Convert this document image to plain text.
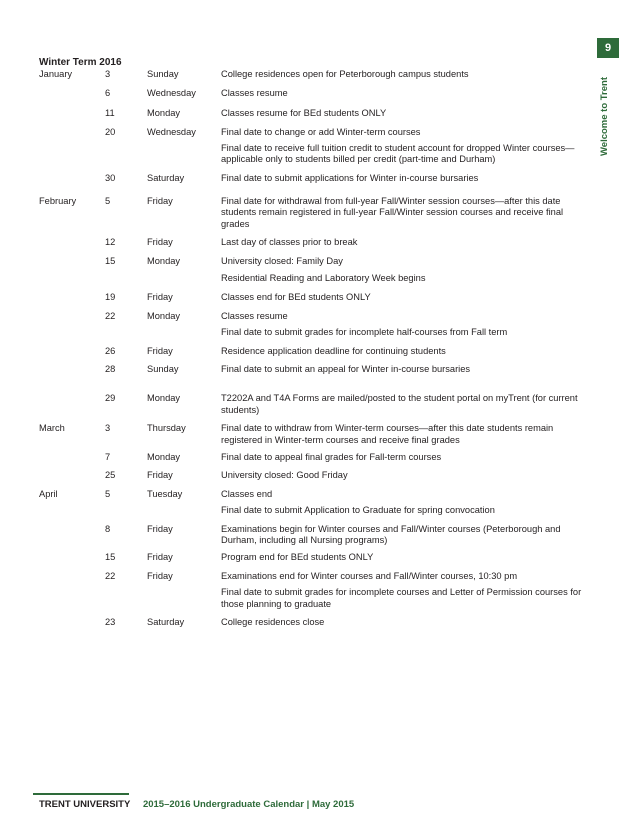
9
Welcome to Trent
Winter Term 2016
January	3	Sunday	College residences open for Peterborough campus students
	6	Wednesday	Classes resume
	11	Monday	Classes resume for BEd students ONLY
	20	Wednesday	Final date to change or add Winter-term courses
			Final date to receive full tuition credit to student account for dropped Winter courses—applicable only to students billed per credit (part-time and Durham)
	30	Saturday	Final date to submit applications for Winter in-course bursaries
February	5	Friday	Final date for withdrawal from full-year Fall/Winter session courses—after this date students remain registered in full-year Fall/Winter session courses and receive final grades
	12	Friday	Last day of classes prior to break
	15	Monday	University closed: Family Day
			Residential Reading and Laboratory Week begins
	19	Friday	Classes end for BEd students ONLY
	22	Monday	Classes resume
			Final date to submit grades for incomplete half-courses from Fall term
	26	Friday	Residence application deadline for continuing students
	28	Sunday	Final date to submit an appeal for Winter in-course bursaries
	29	Monday	T2202A and T4A Forms are mailed/posted to the student portal on myTrent (for current students)
March	3	Thursday	Final date to withdraw from Winter-term courses—after this date students remain registered in Winter-term courses and receive final grades
	7	Monday	Final date to appeal final grades for Fall-term courses
	25	Friday	University closed: Good Friday
April	5	Tuesday	Classes end
			Final date to submit Application to Graduate for spring convocation
	8	Friday	Examinations begin for Winter courses and Fall/Winter courses (Peterborough and Durham, including all Nursing programs)
	15	Friday	Program end for BEd students ONLY
	22	Friday	Examinations end for Winter courses and Fall/Winter courses, 10:30 pm
			Final date to submit grades for incomplete courses and Letter of Permission courses for those planning to graduate
	23	Saturday	College residences close
TRENT UNIVERSITY 2015–2016 Undergraduate Calendar | May 2015
